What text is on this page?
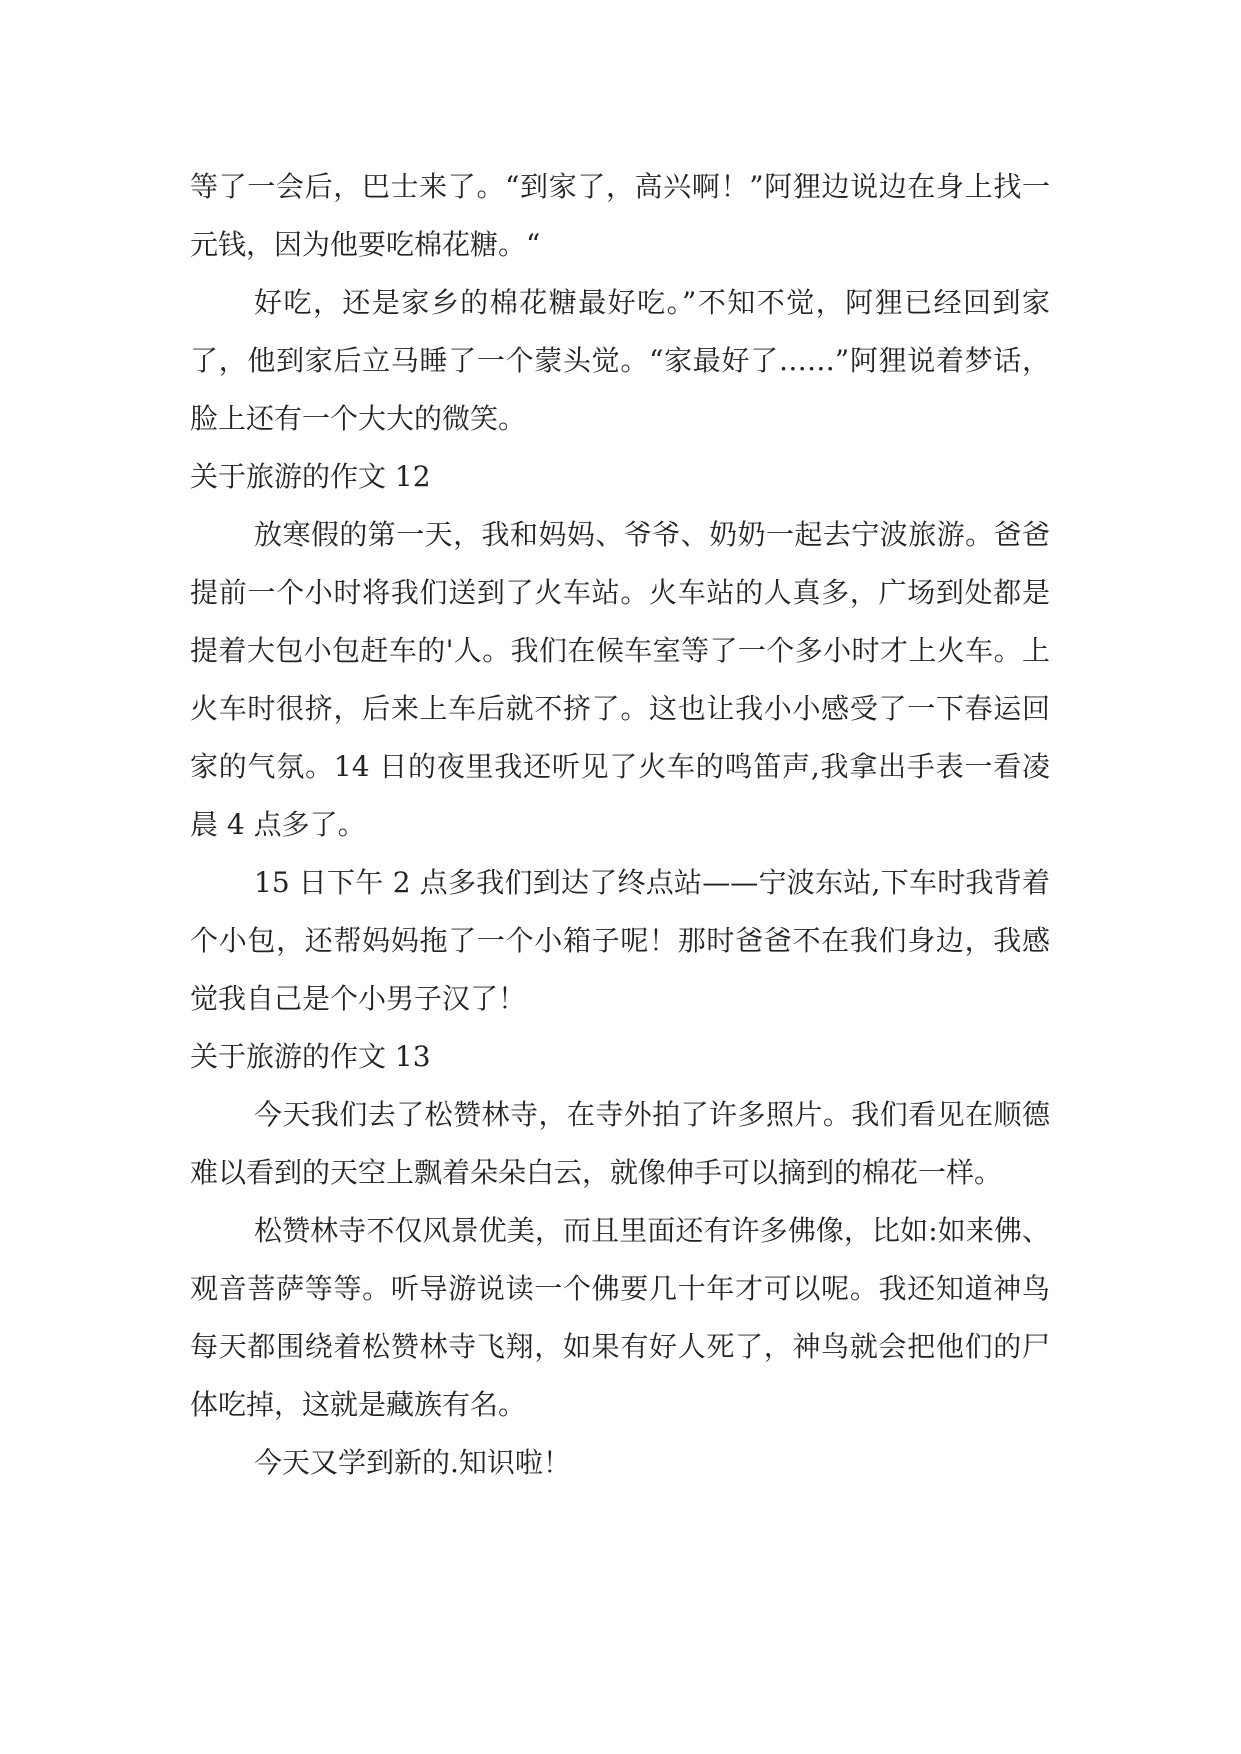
等了一会后，巴士来了。“到家了，高兴啊！”阿狸边说边在身上找一元钱，因为他要吃棉花糖。“

好吃，还是家乡的棉花糖最好吃。”不知不觉，阿狸已经回到家了，他到家后立马睡了一个蒙头觉。“家最好了……”阿狸说着梦话，脸上还有一个大大的微笑。

关于旅游的作文 12

放寒假的第一天，我和妈妈、爷爷、奶奶一起去宁波旅游。爸爸提前一个小时将我们送到了火车站。火车站的人真多，广场到处都是提着大包小包赶车的'人。我们在候车室等了一个多小时才上火车。上火车时很挤，后来上车后就不挤了。这也让我小小感受了一下春运回家的气氛。14 日的夜里我还听见了火车的鸣笛声,我拿出手表一看凌晨 4 点多了。

15 日下午 2 点多我们到达了终点站——宁波东站,下车时我背着个小包，还帮妈妈拖了一个小箱子呢！那时爸爸不在我们身边，我感觉我自己是个小男子汉了！

关于旅游的作文 13

今天我们去了松赞林寺，在寺外拍了许多照片。我们看见在顺德难以看到的天空上飘着朵朵白云，就像伸手可以摘到的棉花一样。

松赞林寺不仅风景优美，而且里面还有许多佛像，比如:如来佛、观音菩萨等等。听导游说读一个佛要几十年才可以呢。我还知道神鸟每天都围绕着松赞林寺飞翔，如果有好人死了，神鸟就会把他们的尸体吃掉，这就是藏族有名。

今天又学到新的.知识啦！
